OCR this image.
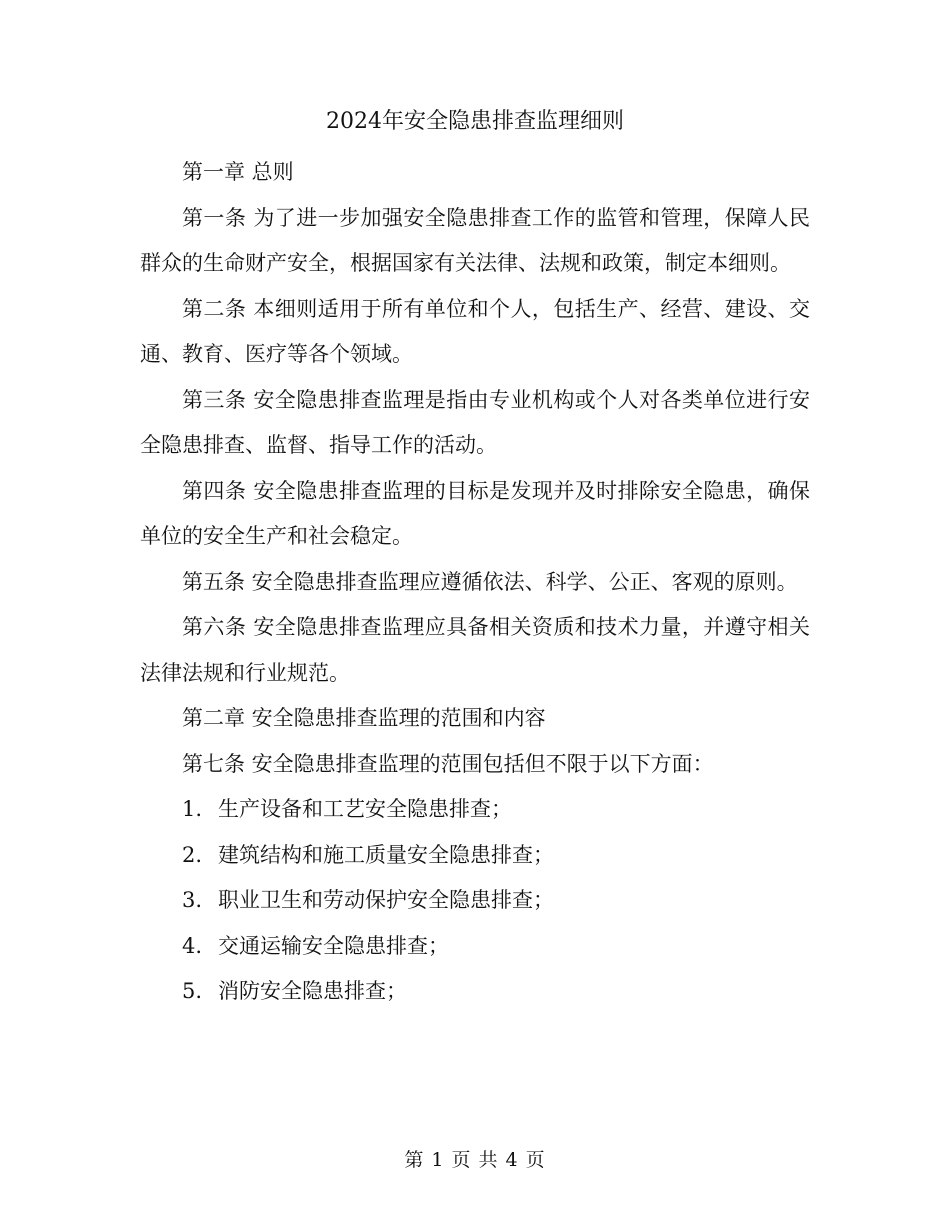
2024年安全隐患排查监理细则

第一章 总则

第一条 为了进一步加强安全隐患排查工作的监管和管理，保障人民群众的生命财产安全，根据国家有关法律、法规和政策，制定本细则。

第二条 本细则适用于所有单位和个人，包括生产、经营、建设、交通、教育、医疗等各个领域。

第三条 安全隐患排查监理是指由专业机构或个人对各类单位进行安全隐患排查、监督、指导工作的活动。

第四条 安全隐患排查监理的目标是发现并及时排除安全隐患，确保单位的安全生产和社会稳定。

第五条 安全隐患排查监理应遵循依法、科学、公正、客观的原则。

第六条 安全隐患排查监理应具备相关资质和技术力量，并遵守相关法律法规和行业规范。

第二章 安全隐患排查监理的范围和内容

第七条 安全隐患排查监理的范围包括但不限于以下方面：

1. 生产设备和工艺安全隐患排查；
2. 建筑结构和施工质量安全隐患排查；
3. 职业卫生和劳动保护安全隐患排查；
4. 交通运输安全隐患排查；
5. 消防安全隐患排查；
第 1 页 共 4 页
